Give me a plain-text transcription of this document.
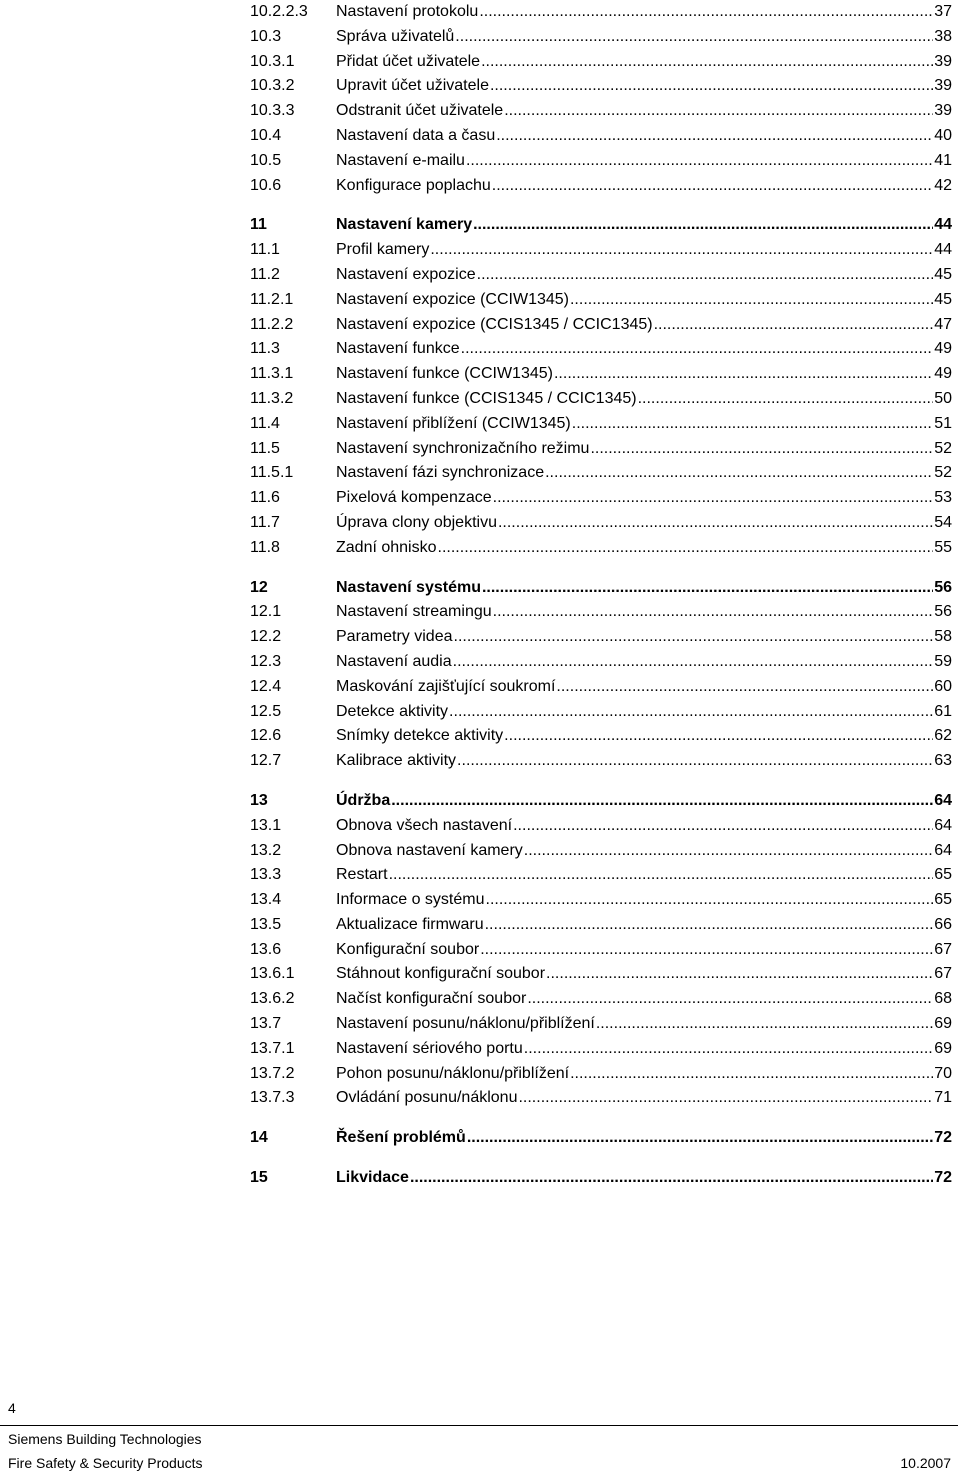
10.2.2.3	Nastavení protokolu .....	37
10.3	Správa uživatelů .....	38
10.3.1	Přidat účet uživatele .....	39
10.3.2	Upravit účet uživatele .....	39
10.3.3	Odstranit účet uživatele .....	39
10.4	Nastavení data a času .....	40
10.5	Nastavení e-mailu .....	41
10.6	Konfigurace poplachu .....	42
11	Nastavení kamery .....	44
11.1	Profil kamery .....	44
11.2	Nastavení expozice .....	45
11.2.1	Nastavení expozice (CCIW1345) .....	45
11.2.2	Nastavení expozice (CCIS1345 / CCIC1345) .....	47
11.3	Nastavení funkce .....	49
11.3.1	Nastavení funkce (CCIW1345) .....	49
11.3.2	Nastavení funkce (CCIS1345 / CCIC1345) .....	50
11.4	Nastavení přiblížení (CCIW1345) .....	51
11.5	Nastavení synchronizačního režimu .....	52
11.5.1	Nastavení fázi synchronizace .....	52
11.6	Pixelová kompenzace .....	53
11.7	Úprava clony objektivu .....	54
11.8	Zadní ohnisko .....	55
12	Nastavení systému .....	56
12.1	Nastavení streamingu .....	56
12.2	Parametry videa .....	58
12.3	Nastavení audia .....	59
12.4	Maskování zajišťující soukromí .....	60
12.5	Detekce aktivity .....	61
12.6	Snímky detekce aktivity .....	62
12.7	Kalibrace aktivity .....	63
13	Údržba .....	64
13.1	Obnova všech nastavení .....	64
13.2	Obnova nastavení kamery .....	64
13.3	Restart .....	65
13.4	Informace o systému .....	65
13.5	Aktualizace firmwaru .....	66
13.6	Konfigurační soubor .....	67
13.6.1	Stáhnout konfigurační soubor .....	67
13.6.2	Načíst konfigurační soubor .....	68
13.7	Nastavení posunu/náklonu/přiblížení .....	69
13.7.1	Nastavení sériového portu .....	69
13.7.2	Pohon posunu/náklonu/přiblížení .....	70
13.7.3	Ovládání posunu/náklonu .....	71
14	Řešení problémů .....	72
15	Likvidace .....	72
4
Siemens Building Technologies
Fire Safety & Security Products	10.2007
